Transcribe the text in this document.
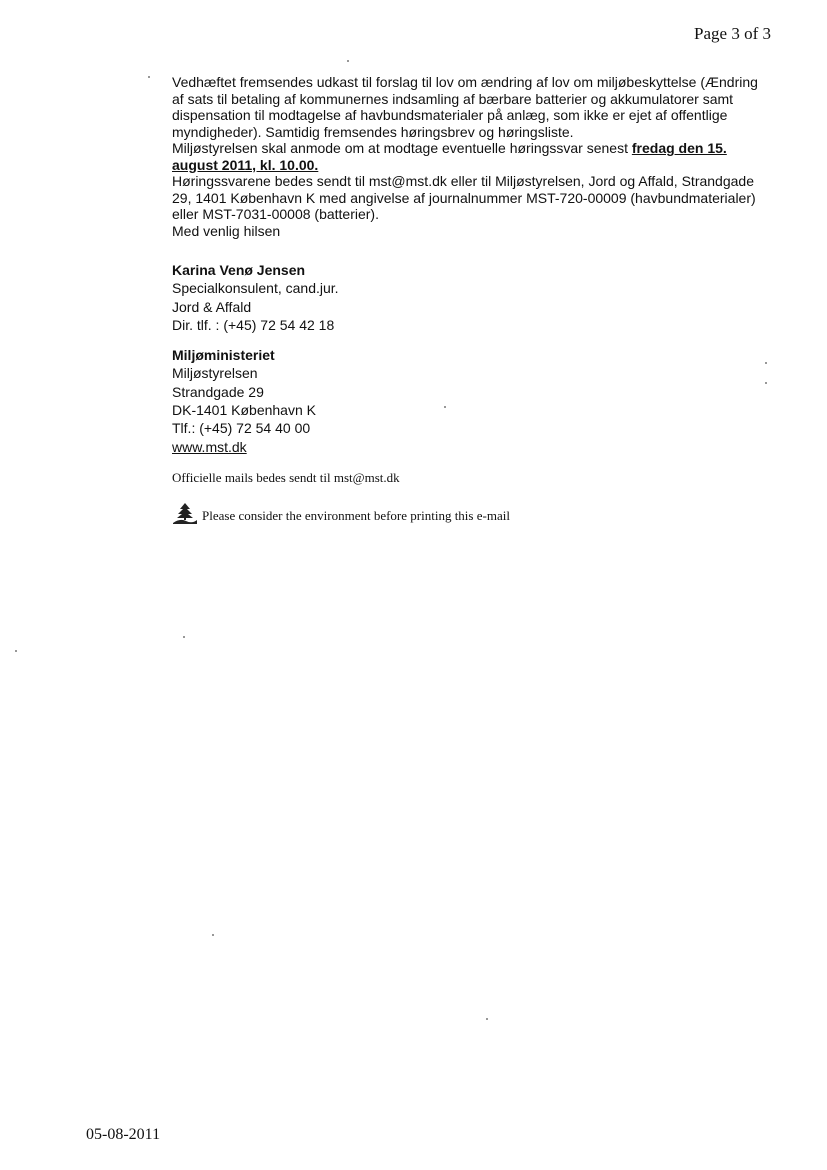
Page 3 of 3

Vedhæftet fremsendes udkast til forslag til lov om ændring af lov om miljøbeskyttelse (Ændring af sats til betaling af kommunernes indsamling af bærbare batterier og akkumulatorer samt dispensation til modtagelse af havbundsmaterialer på anlæg, som ikke er ejet af offentlige myndigheder). Samtidig fremsendes høringsbrev og høringsliste.

Miljøstyrelsen skal anmode om at modtage eventuelle høringssvar senest fredag den 15. august 2011, kl. 10.00.

Høringssvarene bedes sendt til mst@mst.dk eller til Miljøstyrelsen, Jord og Affald, Strandgade 29, 1401 København K med angivelse af journalnummer MST-720-00009 (havbundmaterialer) eller MST-7031-00008 (batterier).

Med venlig hilsen

Karina Venø Jensen
Specialkonsulent, cand.jur.
Jord & Affald
Dir. tlf. : (+45) 72 54 42 18
Miljøministeriet
Miljøstyrelsen
Strandgade 29
DK-1401 København K
Tlf.: (+45) 72 54 40 00
www.mst.dk
Officielle mails bedes sendt til mst@mst.dk
Please consider the environment before printing this e-mail
05-08-2011
